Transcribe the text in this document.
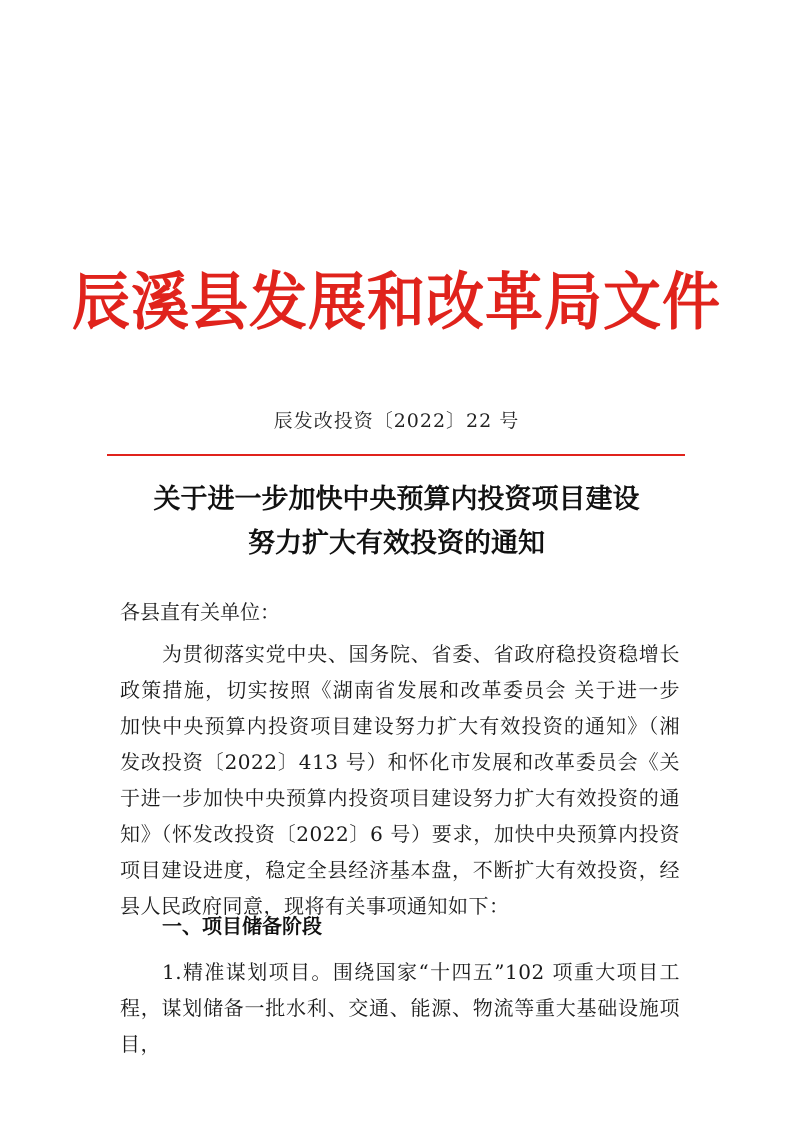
辰溪县发展和改革局文件
辰发改投资〔2022〕22 号
关于进一步加快中央预算内投资项目建设
努力扩大有效投资的通知
各县直有关单位：
为贯彻落实党中央、国务院、省委、省政府稳投资稳增长政策措施，切实按照《湖南省发展和改革委员会 关于进一步加快中央预算内投资项目建设努力扩大有效投资的通知》（湘发改投资〔2022〕413 号）和怀化市发展和改革委员会《关于进一步加快中央预算内投资项目建设努力扩大有效投资的通知》（怀发改投资〔2022〕6 号）要求，加快中央预算内投资项目建设进度，稳定全县经济基本盘，不断扩大有效投资，经县人民政府同意，现将有关事项通知如下：
一、项目储备阶段
1.精准谋划项目。围绕国家“十四五”102 项重大项目工程，谋划储备一批水利、交通、能源、物流等重大基础设施项目，
